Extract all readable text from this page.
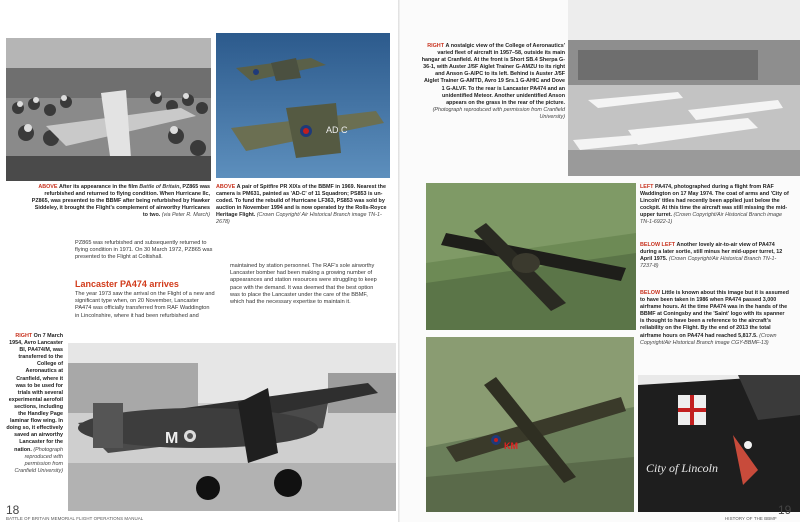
AD C
ABOVE After its appearance in the film Battle of Britain, PZ865 was refurbished and returned to flying condition. When Hurricane IIc, PZ865, was presented to the BBMF after being refurbished by Hawker Siddeley, it brought the Flight's complement of airworthy Hurricanes to two. (via Peter R. March)
ABOVE A pair of Spitfire PR XIXs of the BBMF in 1969. Nearest the camera is PM631, painted as 'AD-C' of 11 Squadron; PS853 is un-coded. To fund the rebuild of Hurricane LF363, PS853 was sold by auction in November 1994 and is now operated by the Rolls-Royce Heritage Flight. (Crown Copyright/ Air Historical Branch image TN-1-2678)
PZ865 was refurbished and subsequently returned to flying condition in 1971. On 30 March 1972, PZ865 was presented to the Flight at Coltishall.
Lancaster PA474 arrives
The year 1973 saw the arrival on the Flight of a new and significant type when, on 20 November, Lancaster PA474 was officially transferred from RAF Waddington in Lincolnshire, where it had been refurbished and
maintained by station personnel. The RAF's sole airworthy Lancaster bomber had been making a growing number of appearances and station resources were struggling to keep pace with the demand. It was deemed that the best option was to place the Lancaster under the care of the BBMF, which had the necessary expertise to maintain it.
RIGHT On 7 March 1954, Avro Lancaster BI, PA474/M, was transferred to the College of Aeronautics at Cranfield, where it was to be used for trials with several experimental aerofoil sections, including the Handley Page laminar flow wing. In doing so, it effectively saved an airworthy Lancaster for the nation. (Photograph reproduced with permission from Cranfield University)
M
18
BATTLE OF BRITAIN MEMORIAL FLIGHT OPERATIONS MANUAL
RIGHT A nostalgic view of the College of Aeronautics' varied fleet of aircraft in 1957–58, outside its main hangar at Cranfield. At the front is Short SB.4 Sherpa G-36-1, with Auster J/5F Aiglet Trainer G-AMZU to its right and Anson G-AIPC to its left. Behind is Auster J/5F Aiglet Trainer G-AMTD, Avro 19 Srs.1 G-AHIC and Dove 1 G-ALVF. To the rear is Lancaster PA474 and an unidentified Meteor. Another unidentified Anson appears on the grass in the rear of the picture. (Photograph reproduced with permission from Cranfield University)
LEFT PA474, photographed during a flight from RAF Waddington on 17 May 1974. The coat of arms and 'City of Lincoln' titles had recently been applied just below the cockpit. At this time the aircraft was still missing the mid-upper turret. (Crown Copyright/Air Historical Branch image TN-1-6922-1)
BELOW LEFT Another lovely air-to-air view of PA474 during a later sortie, still minus her mid-upper turret, 12 April 1975. (Crown Copyright/Air Historical Branch TN-1-7237-8)
BELOW Little is known about this image but it is assumed to have been taken in 1986 when PA474 passed 3,000 airframe hours. At the time PA474 was in the hands of the BBMF at Coningsby and the 'Saint' logo with its spanner is thought to have been a reference to the aircraft's reliability on the Flight. By the end of 2013 the total airframe hours on PA474 had reached 5,817.5. (Crown Copyright/Air Historical Branch image CGY-BBMF-13)
KM
City of Lincoln
19
HISTORY OF THE BBMF
